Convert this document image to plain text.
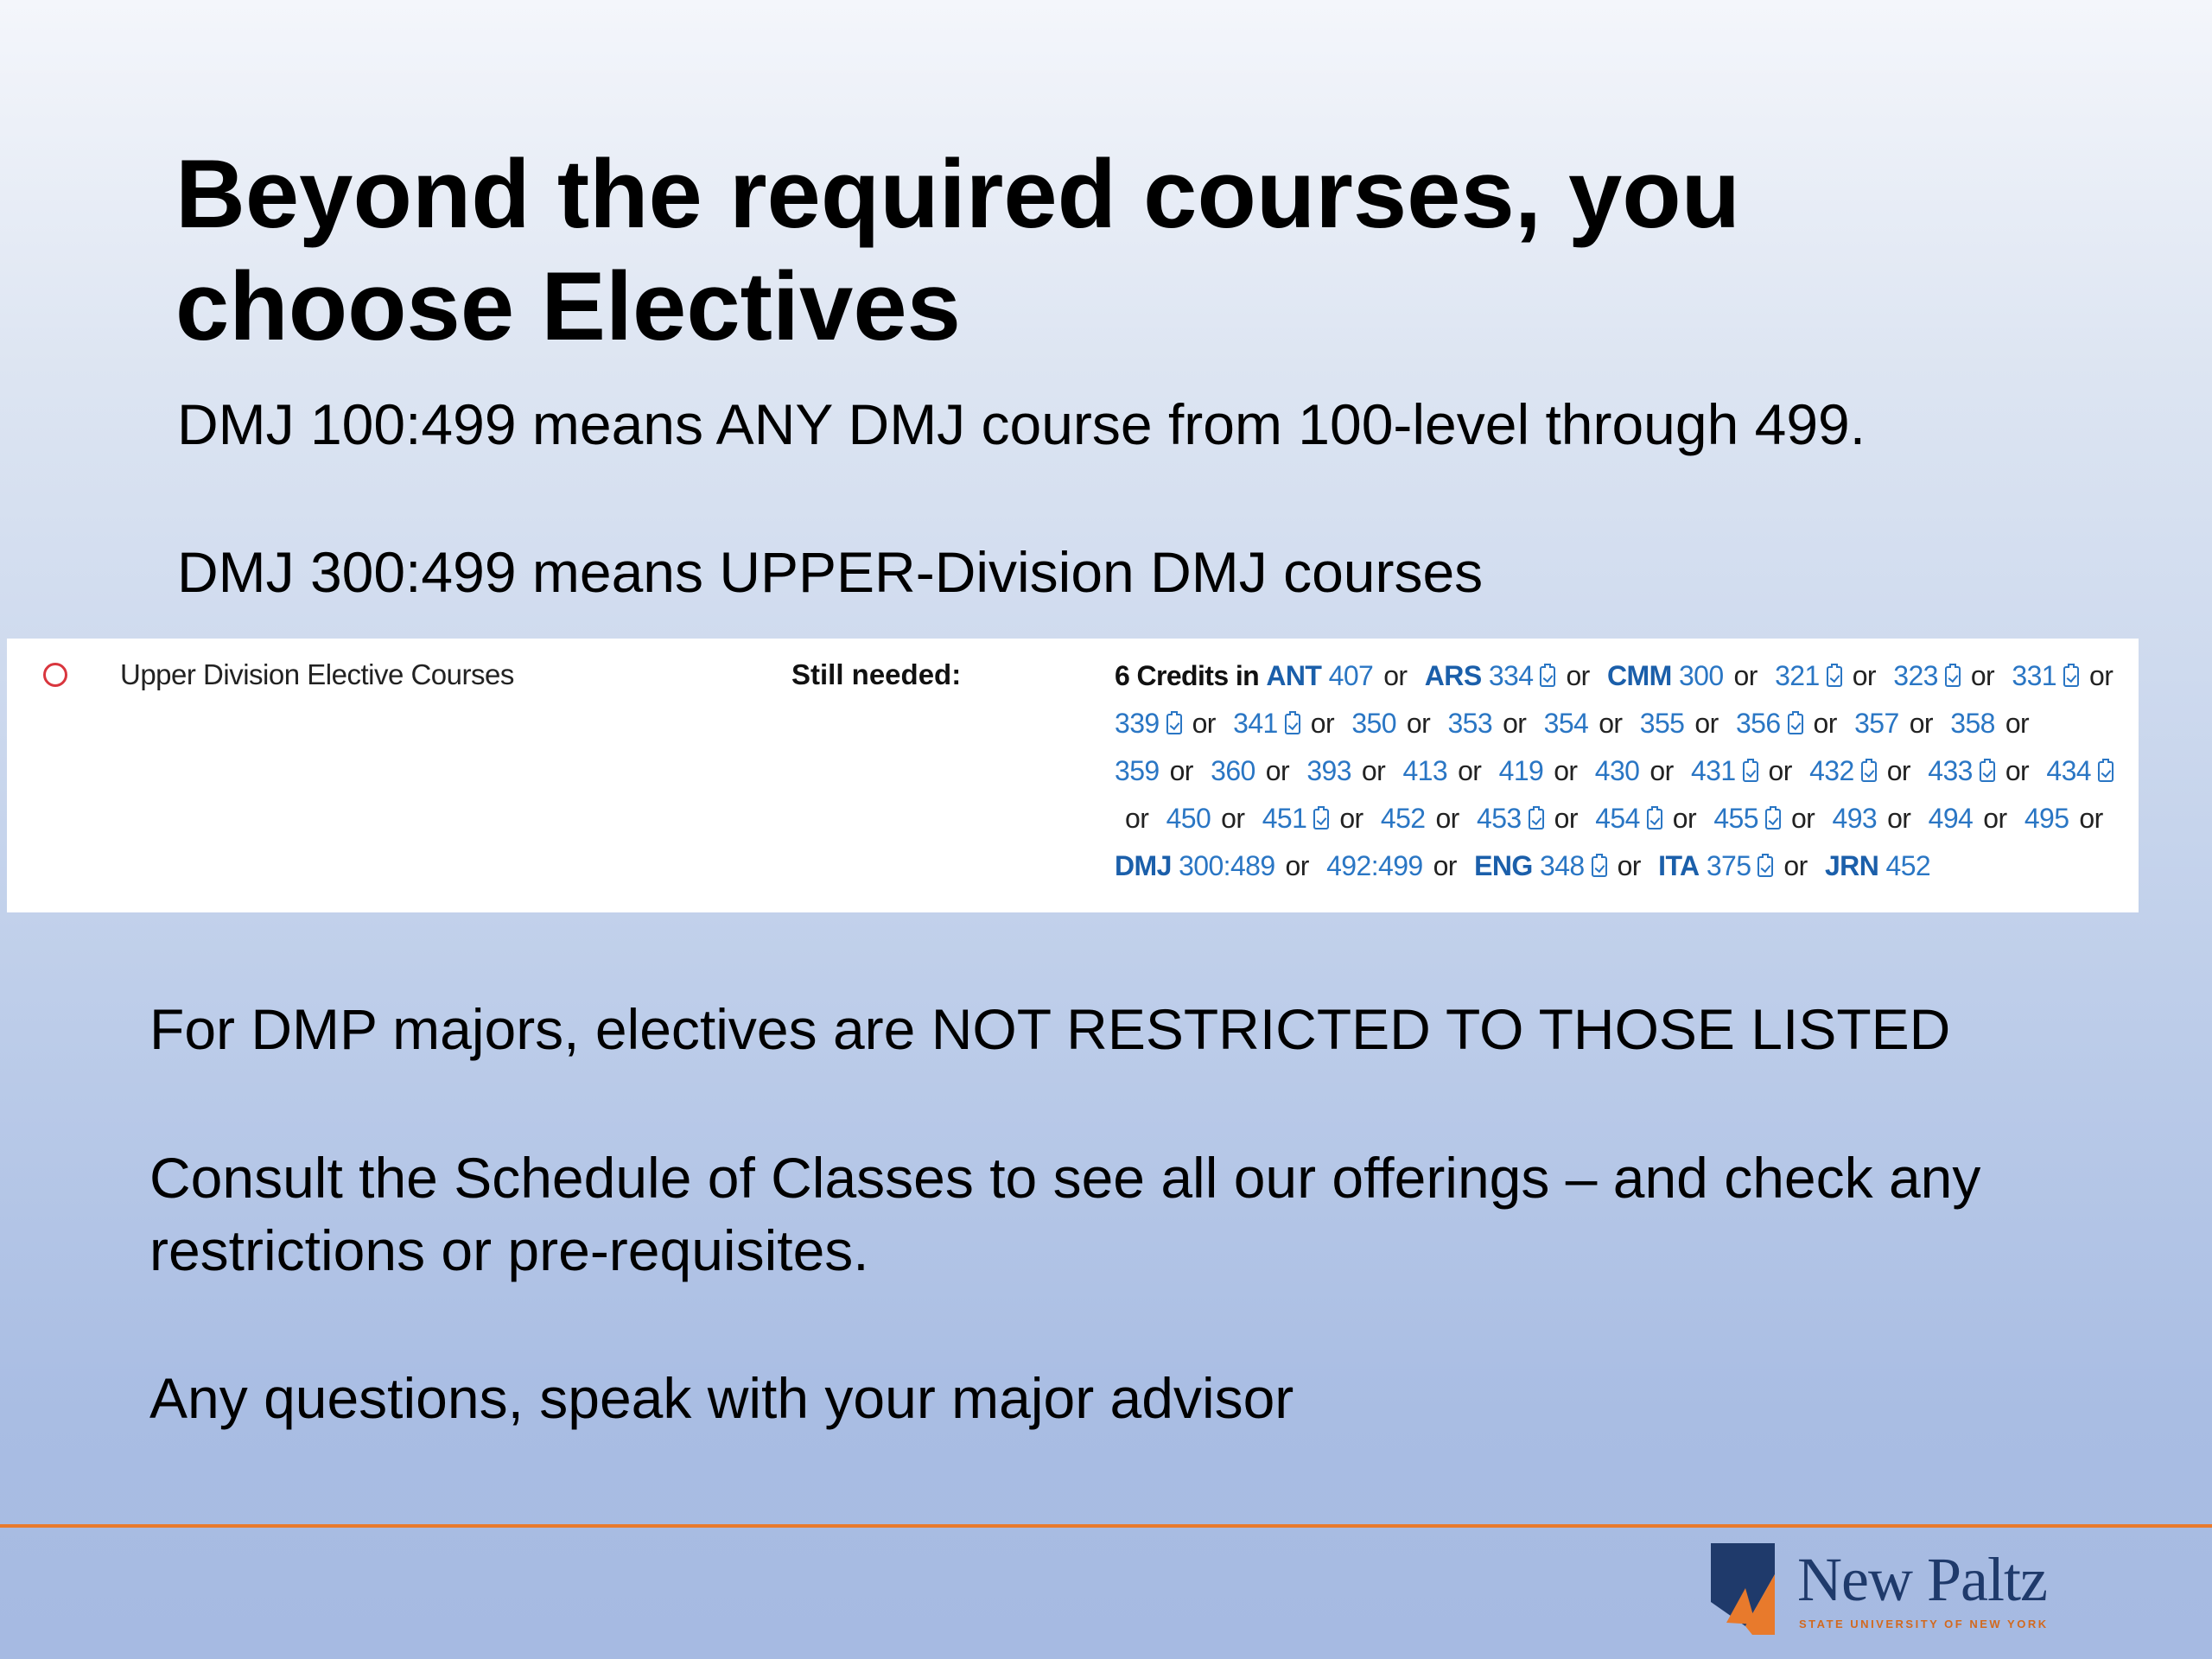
Beyond the required courses, you choose Electives

DMJ 100:499 means ANY DMJ course from 100-level through 499.

DMJ 300:499 means UPPER-Division DMJ courses

Upper Division Elective Courses	Still needed:	6 Credits in ANT 407 or ARS 334 or CMM 300 or 321 or 323 or 331 or 339 or 341 or 350 or 353 or 354 or 355 or 356 or 357 or 358 or 359 or 360 or 393 or 413 or 419 or 430 or 431 or 432 or 433 or 434or 450 or 451 or 452 or 453 or 454 or 455 or 493 or 494 or 495 or DMJ 300:489 or 492:499 or ENG 348 or ITA 375 or JRN 452

For DMP majors, electives are NOT RESTRICTED TO THOSE LISTED

Consult the Schedule of Classes to see all our offerings – and check any restrictions or pre-requisites.

Any questions, speak with your major advisor

New Paltz
STATE UNIVERSITY OF NEW YORK
